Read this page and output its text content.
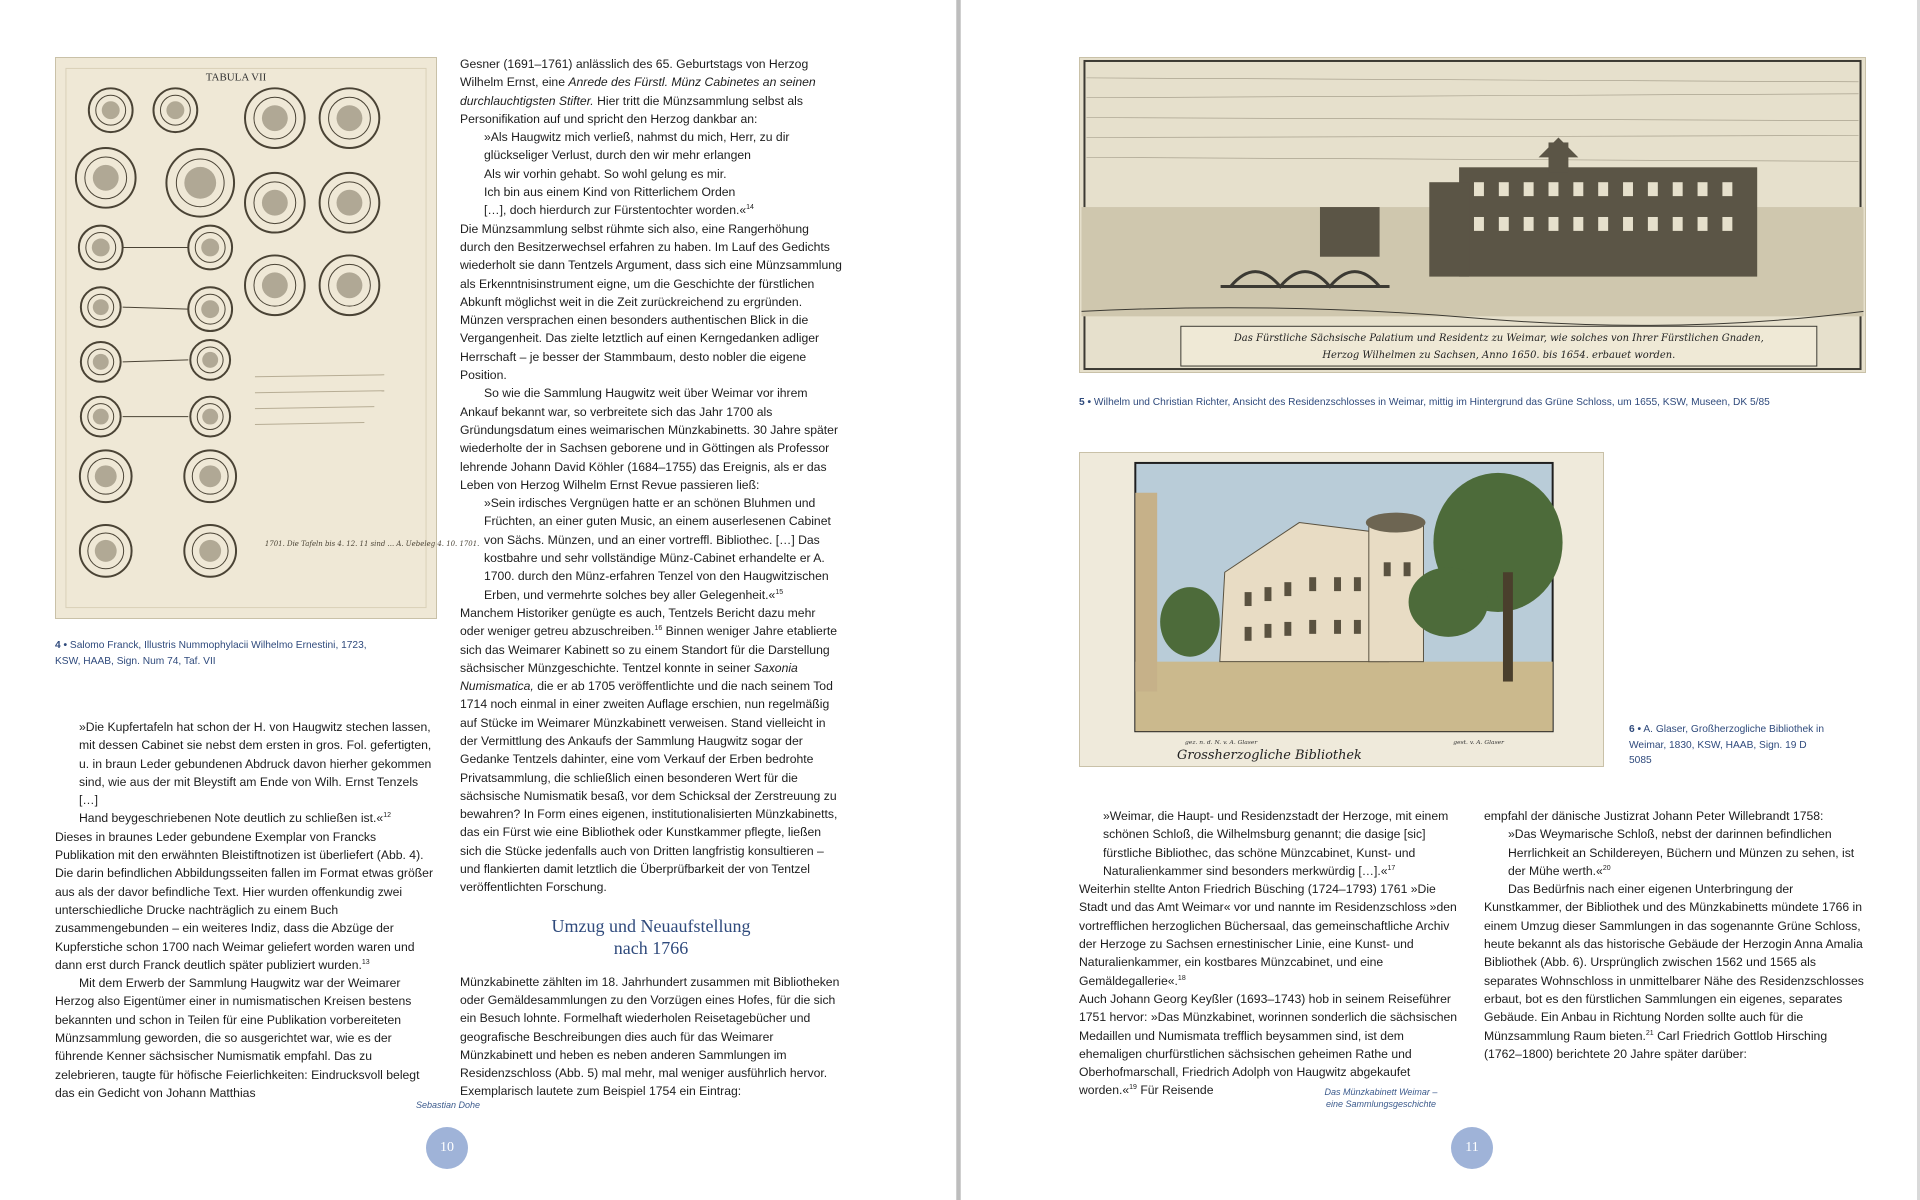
TABULA VII
1701. Die Tafeln bis 4. 12. 11 sind ... A. Uebeleg 4. 10. 1701.
4 • Salomo Franck, Illustris Nummophylacii Wilhelmo Ernestini, 1723, KSW, HAAB, Sign. Num 74, Taf. VII

»Die Kupfertafeln hat schon der H. von Haugwitz stechen lassen,

mit dessen Cabinet sie nebst dem ersten in gros. Fol. gefertigten,

u. in braun Leder gebundenen Abdruck davon hierher gekommen

sind, wie aus der mit Bleystift am Ende von Wilh. Ernst Tenzels […]

Hand beygeschriebenen Note deutlich zu schließen ist.«$^{12}$

Dieses in braunes Leder gebundene Exemplar von Francks Publikation mit den erwähnten Bleistiftnotizen ist überliefert (Abb. 4). Die darin befindlichen Abbildungsseiten fallen im Format etwas größer aus als der davor befindliche Text. Hier wurden offenkundig zwei unterschiedliche Drucke nachträglich zu einem Buch zusammengebunden – ein weiteres Indiz, dass die Abzüge der Kupferstiche schon 1700 nach Weimar geliefert worden waren und dann erst durch Franck deutlich später publiziert wurden.$^{13}$

Mit dem Erwerb der Sammlung Haugwitz war der Weimarer Herzog also Eigentümer einer in numismatischen Kreisen bestens bekannten und schon in Teilen für eine Publikation vorbereiteten Münzsammlung geworden, die so ausgerichtet war, wie es der führende Kenner sächsischer Numismatik empfahl. Das zu zelebrieren, taugte für höfische Feierlichkeiten: Eindrucksvoll belegt das ein Gedicht von Johann Matthias

Gesner (1691–1761) anlässlich des 65. Geburtstags von Herzog Wilhelm Ernst, eine Anrede des Fürstl. Münz Cabinetes an seinen durchlauchtigsten Stifter. Hier tritt die Münzsammlung selbst als Personifikation auf und spricht den Herzog dankbar an:

»Als Haugwitz mich verließ, nahmst du mich, Herr, zu dir

glückseliger Verlust, durch den wir mehr erlangen

Als wir vorhin gehabt. So wohl gelung es mir.

Ich bin aus einem Kind von Ritterlichem Orden

[…], doch hierdurch zur Fürstentochter worden.«$^{14}$

Die Münzsammlung selbst rühmte sich also, eine Rangerhöhung durch den Besitzerwechsel erfahren zu haben. Im Lauf des Gedichts wiederholt sie dann Tentzels Argument, dass sich eine Münzsammlung als Erkenntnisinstrument eigne, um die Geschichte der fürstlichen Abkunft möglichst weit in die Zeit zurückreichend zu ergründen. Münzen versprachen einen besonders authentischen Blick in die Vergangenheit. Das zielte letztlich auf einen Kerngedanken adliger Herrschaft – je besser der Stammbaum, desto nobler die eigene Position.

So wie die Sammlung Haugwitz weit über Weimar vor ihrem Ankauf bekannt war, so verbreitete sich das Jahr 1700 als Gründungsdatum eines weimarischen Münzkabinetts. 30 Jahre später wiederholte der in Sachsen geborene und in Göttingen als Professor lehrende Johann David Köhler (1684–1755) das Ereignis, als er das Leben von Herzog Wilhelm Ernst Revue passieren ließ:

»Sein irdisches Vergnügen hatte er an schönen Bluhmen und Früchten, an einer guten Music, an einem auserlesenen Cabinet von Sächs. Münzen, und an einer vortreffl. Bibliothec. […] Das kostbahre und sehr vollständige Münz-Cabinet erhandelte er A. 1700. durch den Münz-erfahren Tenzel von den Haugwitzischen Erben, und vermehrte solches bey aller Gelegenheit.«$^{15}$

Manchem Historiker genügte es auch, Tentzels Bericht dazu mehr oder weniger getreu abzuschreiben.$^{16}$ Binnen weniger Jahre etablierte sich das Weimarer Kabinett so zu einem Standort für die Darstellung sächsischer Münzgeschichte. Tentzel konnte in seiner Saxonia Numismatica, die er ab 1705 veröffentlichte und die nach seinem Tod 1714 noch einmal in einer zweiten Auflage erschien, nun regelmäßig auf Stücke im Weimarer Münzkabinett verweisen. Stand vielleicht in der Vermittlung des Ankaufs der Sammlung Haugwitz sogar der Gedanke Tentzels dahinter, eine vom Verkauf der Erben bedrohte Privatsammlung, die schließlich einen besonderen Wert für die sächsische Numismatik besaß, vor dem Schicksal der Zerstreuung zu bewahren? In Form eines eigenen, institutionalisierten Münzkabinetts, das ein Fürst wie eine Bibliothek oder Kunstkammer pflegte, ließen sich die Stücke jedenfalls auch von Dritten langfristig konsultieren – und flankierten damit letztlich die Überprüfbarkeit der von Tentzel veröffentlichten Forschung.

Umzug und Neuaufstellung
nach 1766

Münzkabinette zählten im 18. Jahrhundert zusammen mit Bibliotheken oder Gemäldesammlungen zu den Vorzügen eines Hofes, für die sich ein Besuch lohnte. Formelhaft wiederholen Reisetagebücher und geografische Beschreibungen dies auch für das Weimarer Münzkabinett und heben es neben anderen Sammlungen im Residenzschloss (Abb. 5) mal mehr, mal weniger ausführlich hervor. Exemplarisch lautete zum Beispiel 1754 ein Eintrag:

Sebastian Dohe
10
Das Fürstliche Sächsische Palatium und Residentz zu Weimar, wie solches von Ihrer Fürstlichen Gnaden,
Herzog Wilhelmen zu Sachsen, Anno 1650. bis 1654. erbauet worden.
5 • Wilhelm und Christian Richter, Ansicht des Residenzschlosses in Weimar, mittig im Hintergrund das Grüne Schloss, um 1655, KSW, Museen, DK 5/85
gez. n. d. N. v. A. Glaser	gest. v. A. Glaser
Grossherzogliche Bibliothek
6 • A. Glaser, Großherzogliche Bibliothek in Weimar, 1830, KSW, HAAB, Sign. 19 D 5085

»Weimar, die Haupt- und Residenzstadt der Herzoge, mit einem schönen Schloß, die Wilhelmsburg genannt; die dasige [sic] fürstliche Bibliothec, das schöne Münzcabinet, Kunst- und Naturalienkammer sind besonders merkwürdig […].«$^{17}$

Weiterhin stellte Anton Friedrich Büsching (1724–1793) 1761 »Die Stadt und das Amt Weimar« vor und nannte im Residenzschloss »den vortrefflichen herzoglichen Büchersaal, das gemeinschaftliche Archiv der Herzoge zu Sachsen ernestinischer Linie, eine Kunst- und Naturalienkammer, ein kostbares Münzcabinet, und eine Gemäldegallerie«.$^{18}$

Auch Johann Georg Keyßler (1693–1743) hob in seinem Reiseführer 1751 hervor: »Das Münzkabinet, worinnen sonderlich die sächsischen Medaillen und Numismata trefflich beysammen sind, ist dem ehemaligen churfürstlichen sächsischen geheimen Rathe und Oberhofmarschall, Friedrich Adolph von Haugwitz abgekaufet worden.«$^{19}$ Für Reisende

empfahl der dänische Justizrat Johann Peter Willebrandt 1758:

»Das Weymarische Schloß, nebst der darinnen befindlichen Herrlichkeit an Schildereyen, Büchern und Münzen zu sehen, ist der Mühe werth.«$^{20}$

Das Bedürfnis nach einer eigenen Unterbringung der Kunstkammer, der Bibliothek und des Münzkabinetts mündete 1766 in einem Umzug dieser Sammlungen in das sogenannte Grüne Schloss, heute bekannt als das historische Gebäude der Herzogin Anna Amalia Bibliothek (Abb. 6). Ursprünglich zwischen 1562 und 1565 als separates Wohnschloss in unmittelbarer Nähe des Residenzschlosses erbaut, bot es den fürstlichen Sammlungen ein eigenes, separates Gebäude. Ein Anbau in Richtung Norden sollte auch für die Münzsammlung Raum bieten.$^{21}$ Carl Friedrich Gottlob Hirsching (1762–1800) berichtete 20 Jahre später darüber:

Das Münzkabinett Weimar –
eine Sammlungsgeschichte
11
